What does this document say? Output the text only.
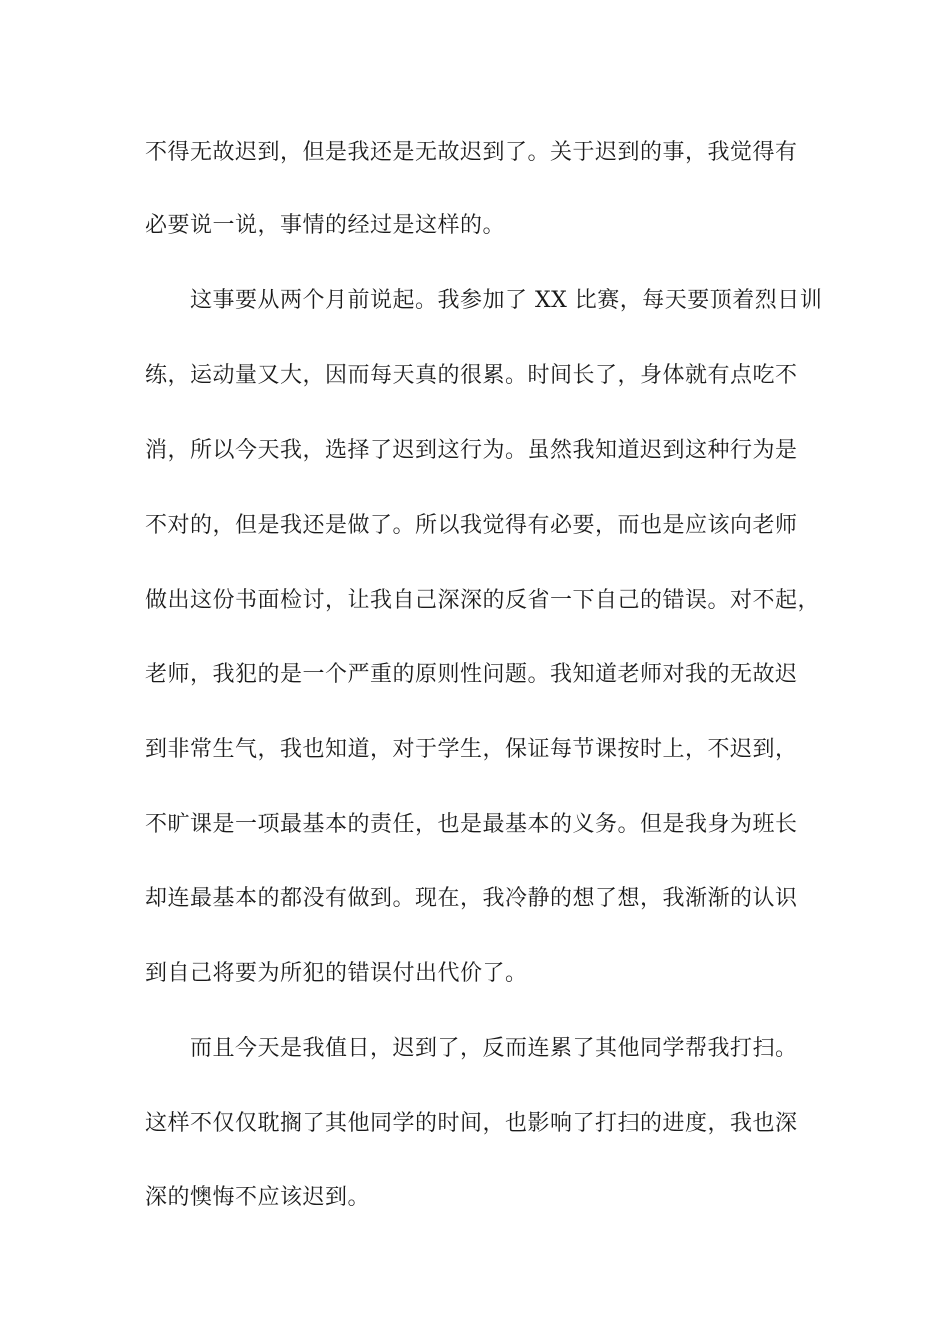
不得无故迟到，但是我还是无故迟到了。关于迟到的事，我觉得有
必要说一说，事情的经过是这样的。
这事要从两个月前说起。我参加了 XX 比赛，每天要顶着烈日训
练，运动量又大，因而每天真的很累。时间长了，身体就有点吃不
消，所以今天我，选择了迟到这行为。虽然我知道迟到这种行为是
不对的，但是我还是做了。所以我觉得有必要，而也是应该向老师
做出这份书面检讨，让我自己深深的反省一下自己的错误。对不起，
老师，我犯的是一个严重的原则性问题。我知道老师对我的无故迟
到非常生气，我也知道，对于学生，保证每节课按时上，不迟到，
不旷课是一项最基本的责任，也是最基本的义务。但是我身为班长
却连最基本的都没有做到。现在，我冷静的想了想，我渐渐的认识
到自己将要为所犯的错误付出代价了。
而且今天是我值日，迟到了，反而连累了其他同学帮我打扫。
这样不仅仅耽搁了其他同学的时间，也影响了打扫的进度，我也深
深的懊悔不应该迟到。
